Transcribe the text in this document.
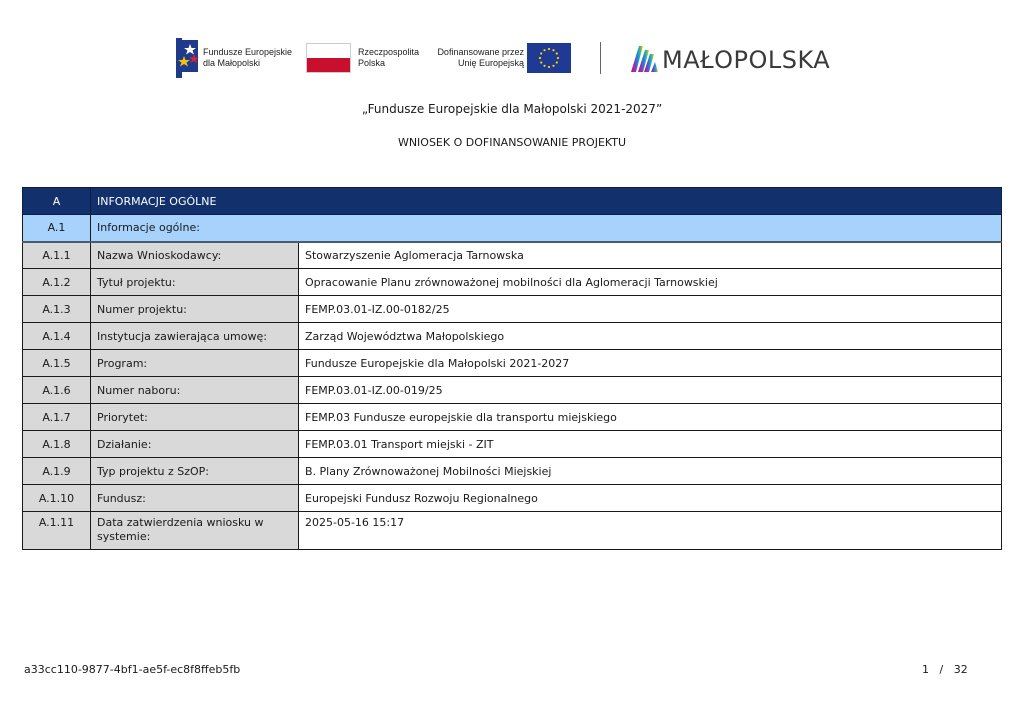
Fundusze Europejskie
dla Małopolski
Rzeczpospolita
Polska
Dofinansowane przez
Unię Europejską	MAŁOPOLSKA
„Fundusze Europejskie dla Małopolski 2021-2027”
WNIOSEK O DOFINANSOWANIE PROJEKTU
A	INFORMACJE OGÓLNE	
A.1	Informacje ogólne:	
A.1.1	Nazwa Wnioskodawcy:	Stowarzyszenie Aglomeracja Tarnowska
A.1.2	Tytuł projektu:	Opracowanie Planu zrównoważonej mobilności dla Aglomeracji Tarnowskiej
A.1.3	Numer projektu:	FEMP.03.01-IZ.00-0182/25
A.1.4	Instytucja zawierająca umowę:	Zarząd Województwa Małopolskiego
A.1.5	Program:	Fundusze Europejskie dla Małopolski 2021-2027
A.1.6	Numer naboru:	FEMP.03.01-IZ.00-019/25
A.1.7	Priorytet:	FEMP.03 Fundusze europejskie dla transportu miejskiego
A.1.8	Działanie:	FEMP.03.01 Transport miejski - ZIT
A.1.9	Typ projektu z SzOP:	B. Plany Zrównoważonej Mobilności Miejskiej
A.1.10	Fundusz:	Europejski Fundusz Rozwoju Regionalnego
A.1.11	Data zatwierdzenia wniosku w systemie:	2025-05-16 15:17
a33cc110-9877-4bf1-ae5f-ec8f8ffeb5fb	1 / 32
